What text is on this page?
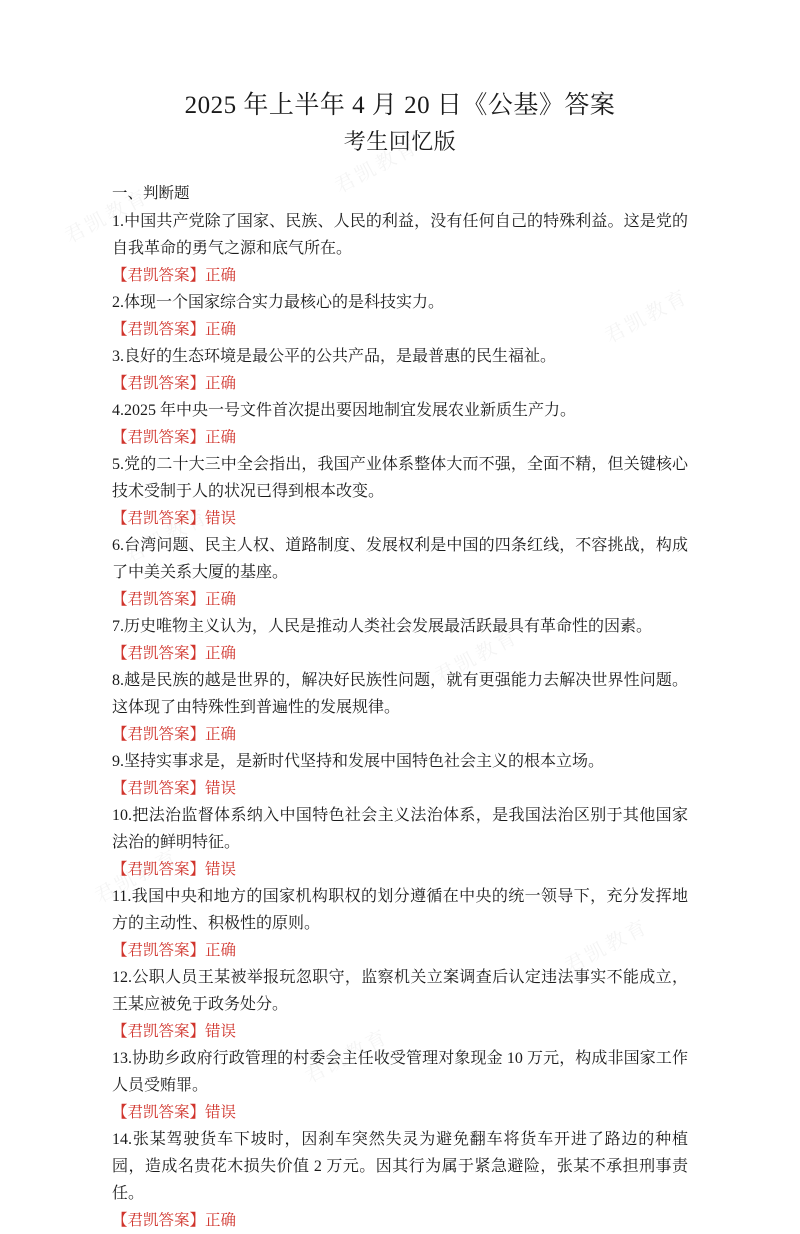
2025 年上半年 4 月 20 日《公基》答案
考生回忆版
一、判断题
1.中国共产党除了国家、民族、人民的利益，没有任何自己的特殊利益。这是党的自我革命的勇气之源和底气所在。
【君凯答案】正确
2.体现一个国家综合实力最核心的是科技实力。
【君凯答案】正确
3.良好的生态环境是最公平的公共产品，是最普惠的民生福祉。
【君凯答案】正确
4.2025 年中央一号文件首次提出要因地制宜发展农业新质生产力。
【君凯答案】正确
5.党的二十大三中全会指出，我国产业体系整体大而不强，全面不精，但关键核心技术受制于人的状况已得到根本改变。
【君凯答案】错误
6.台湾问题、民主人权、道路制度、发展权利是中国的四条红线，不容挑战，构成了中美关系大厦的基座。
【君凯答案】正确
7.历史唯物主义认为，人民是推动人类社会发展最活跃最具有革命性的因素。
【君凯答案】正确
8.越是民族的越是世界的，解决好民族性问题，就有更强能力去解决世界性问题。这体现了由特殊性到普遍性的发展规律。
【君凯答案】正确
9.坚持实事求是，是新时代坚持和发展中国特色社会主义的根本立场。
【君凯答案】错误
10.把法治监督体系纳入中国特色社会主义法治体系，是我国法治区别于其他国家法治的鲜明特征。
【君凯答案】错误
11.我国中央和地方的国家机构职权的划分遵循在中央的统一领导下，充分发挥地方的主动性、积极性的原则。
【君凯答案】正确
12.公职人员王某被举报玩忽职守，监察机关立案调查后认定违法事实不能成立，王某应被免于政务处分。
【君凯答案】错误
13.协助乡政府行政管理的村委会主任收受管理对象现金 10 万元，构成非国家工作人员受贿罪。
【君凯答案】错误
14.张某驾驶货车下坡时，因刹车突然失灵为避免翻车将货车开进了路边的种植园，造成名贵花木损失价值 2 万元。因其行为属于紧急避险，张某不承担刑事责任。
【君凯答案】正确
